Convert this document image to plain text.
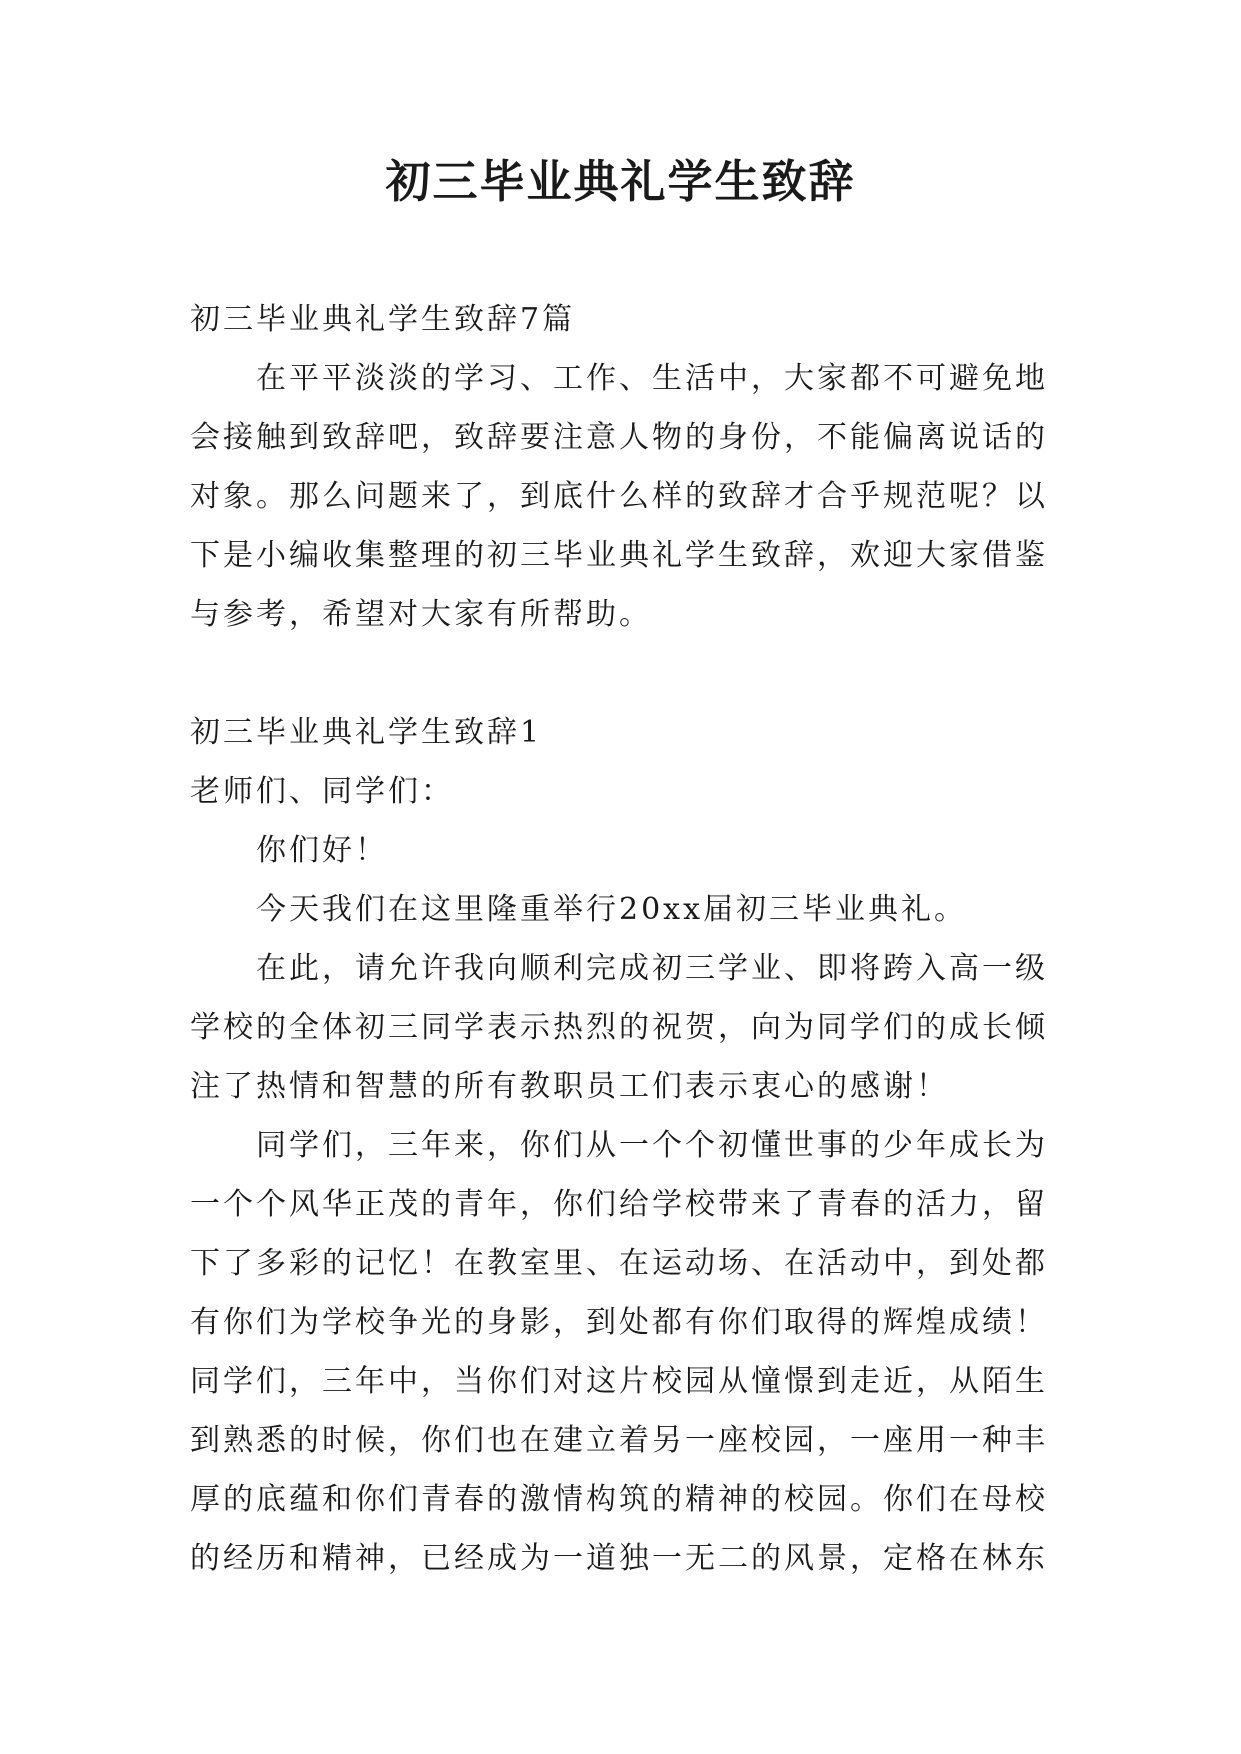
初三毕业典礼学生致辞

初三毕业典礼学生致辞7篇

在平平淡淡的学习、工作、生活中，大家都不可避免地会接触到致辞吧，致辞要注意人物的身份，不能偏离说话的对象。那么问题来了，到底什么样的致辞才合乎规范呢？以下是小编收集整理的初三毕业典礼学生致辞，欢迎大家借鉴与参考，希望对大家有所帮助。

初三毕业典礼学生致辞1

老师们、同学们：

你们好！

今天我们在这里隆重举行20xx届初三毕业典礼。

在此，请允许我向顺利完成初三学业、即将跨入高一级学校的全体初三同学表示热烈的祝贺，向为同学们的成长倾注了热情和智慧的所有教职员工们表示衷心的感谢！

同学们，三年来，你们从一个个初懂世事的少年成长为一个个风华正茂的青年，你们给学校带来了青春的活力，留下了多彩的记忆！在教室里、在运动场、在活动中，到处都有你们为学校争光的身影，到处都有你们取得的辉煌成绩！

同学们，三年中，当你们对这片校园从憧憬到走近，从陌生到熟悉的时候，你们也在建立着另一座校园，一座用一种丰厚的底蕴和你们青春的激情构筑的精神的校园。你们在母校的经历和精神，已经成为一道独一无二的风景，定格在林东
